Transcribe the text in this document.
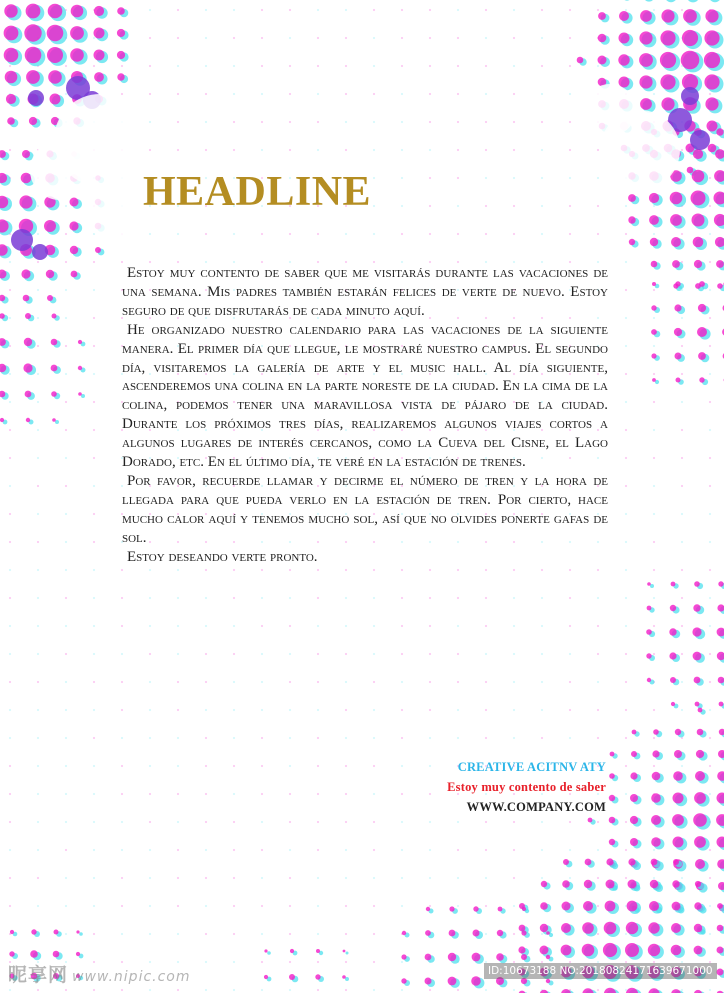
HEADLINE

Estoy muy contento de saber que me visitarás durante las vacaciones de una semana. Mis padres también estarán felices de verte de nuevo. Estoy seguro de que disfrutarás de cada minuto aquí.

He organizado nuestro calendario para las vacaciones de la siguiente manera. El primer día que llegue, le mostraré nuestro campus. El segundo día, visitaremos la galería de arte y el music hall. Al día siguiente, ascenderemos una colina en la parte noreste de la ciudad. En la cima de la colina, podemos tener una maravillosa vista de pájaro de la ciudad. Durante los próximos tres días, realizaremos algunos viajes cortos a algunos lugares de interés cercanos, como la Cueva del Cisne, el Lago Dorado, etc. En el último día, te veré en la estación de trenes.

Por favor, recuerde llamar y decirme el número de tren y la hora de llegada para que pueda verlo en la estación de tren. Por cierto, hace mucho calor aquí y tenemos mucho sol, así que no olvides ponerte gafas de sol.

Estoy deseando verte pronto.

CREATIVE ACITNV ATY
Estoy muy contento de saber
WWW.COMPANY.COM
昵享网 www.nipic.com	ID:10673188 NO:20180824171639671000
